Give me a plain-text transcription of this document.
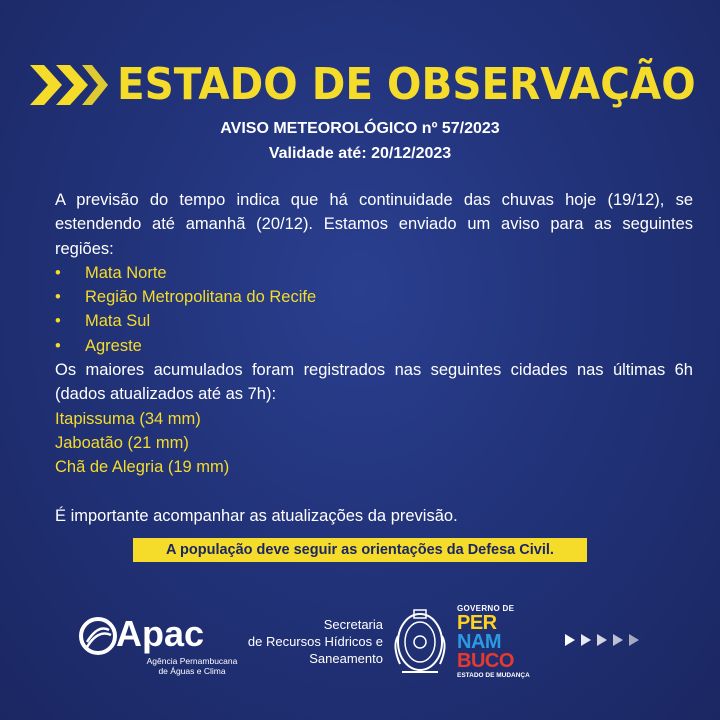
ESTADO DE OBSERVAÇÃO
AVISO METEOROLÓGICO nº 57/2023
Validade até: 20/12/2023
A previsão do tempo indica que há continuidade das chuvas hoje (19/12), se estendendo até amanhã (20/12). Estamos enviado um aviso para as seguintes regiões:
• Mata Norte
• Região Metropolitana do Recife
• Mata Sul
• Agreste
Os maiores acumulados foram registrados nas seguintes cidades nas últimas 6h (dados atualizados até as 7h):
Itapissuma (34 mm)
Jaboatão (21 mm)
Chã de Alegria (19 mm)
É importante acompanhar as atualizações da previsão.
A população deve seguir as orientações da Defesa Civil.
Apac
Agência Pernambucana
de Águas e Clima
Secretaria
de Recursos Hídricos e
Saneamento
GOVERNO DE
PER
NAM
BUCO
ESTADO DE MUDANÇA
